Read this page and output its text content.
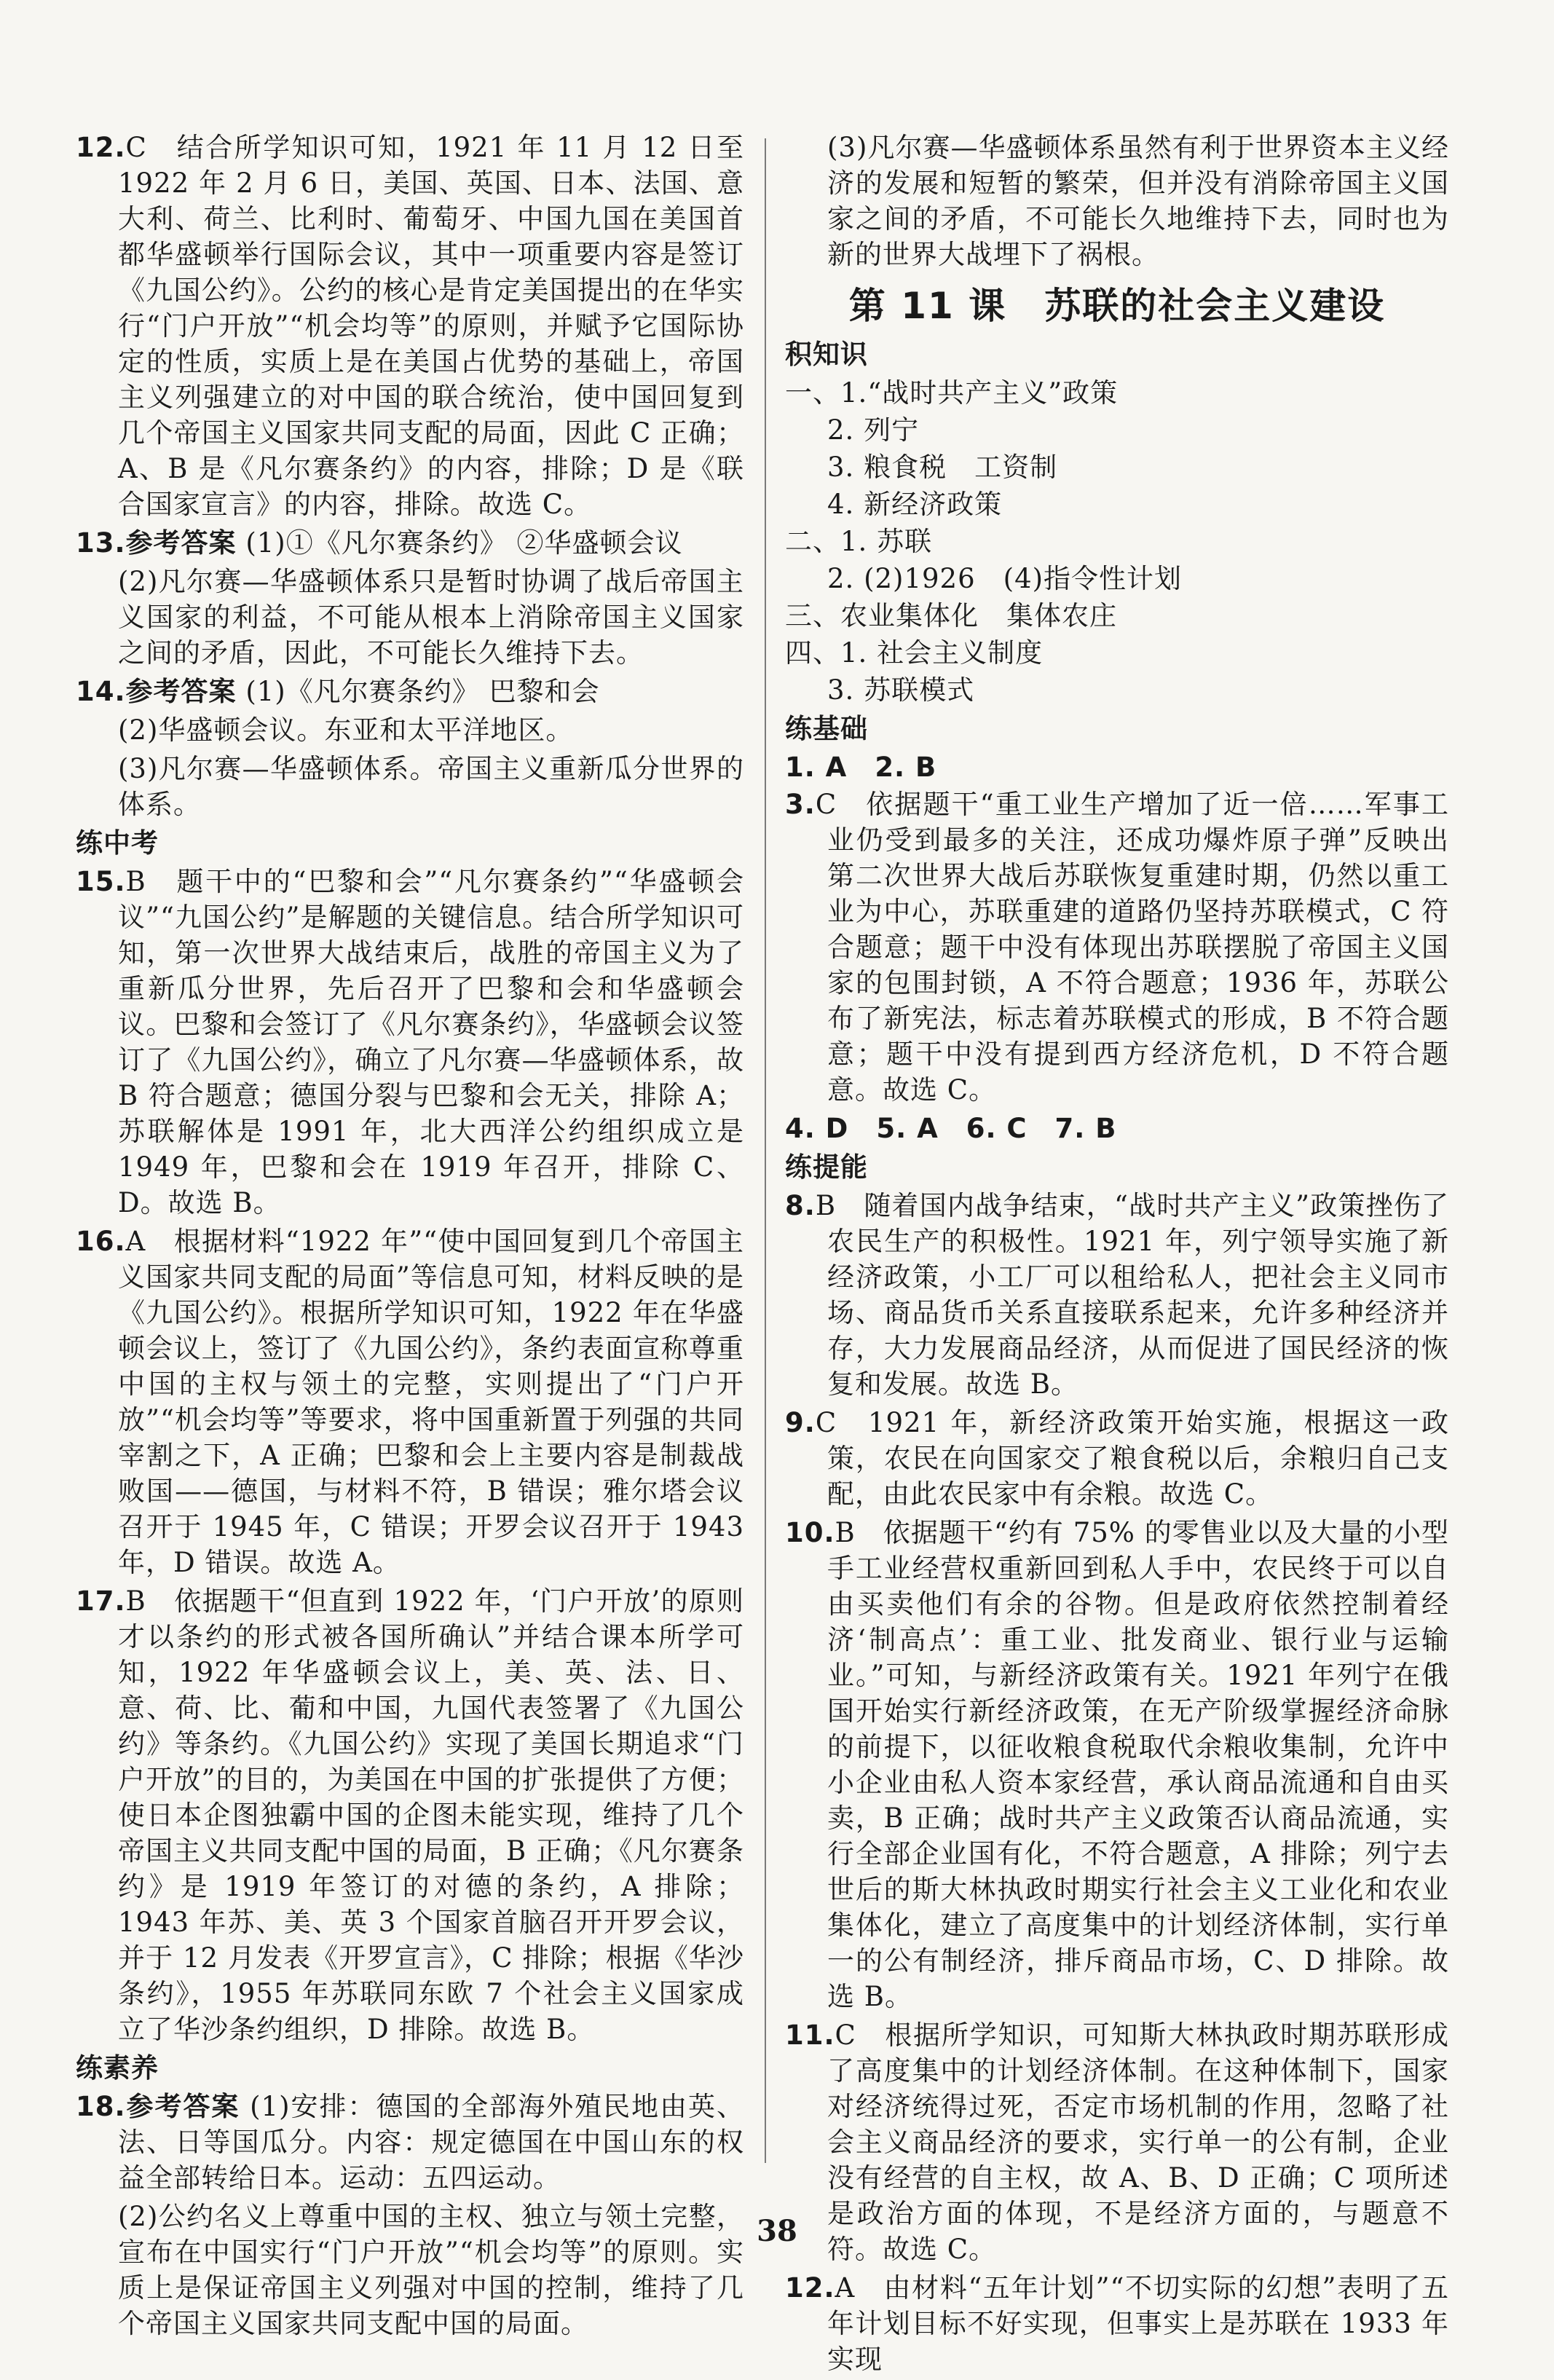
12.C　结合所学知识可知，1921 年 11 月 12 日至 1922 年 2 月 6 日，美国、英国、日本、法国、意大利、荷兰、比利时、葡萄牙、中国九国在美国首都华盛顿举行国际会议，其中一项重要内容是签订《九国公约》。公约的核心是肯定美国提出的在华实行“门户开放”“机会均等”的原则，并赋予它国际协定的性质，实质上是在美国占优势的基础上，帝国主义列强建立的对中国的联合统治，使中国回复到几个帝国主义国家共同支配的局面，因此 C 正确；A、B 是《凡尔赛条约》的内容，排除；D 是《联合国家宣言》的内容，排除。故选 C。

13.参考答案 (1)①《凡尔赛条约》 ②华盛顿会议

(2)凡尔赛—华盛顿体系只是暂时协调了战后帝国主义国家的利益，不可能从根本上消除帝国主义国家之间的矛盾，因此，不可能长久维持下去。

14.参考答案 (1)《凡尔赛条约》 巴黎和会

(2)华盛顿会议。东亚和太平洋地区。

(3)凡尔赛—华盛顿体系。帝国主义重新瓜分世界的体系。

练中考

15.B　题干中的“巴黎和会”“凡尔赛条约”“华盛顿会议”“九国公约”是解题的关键信息。结合所学知识可知，第一次世界大战结束后，战胜的帝国主义为了重新瓜分世界，先后召开了巴黎和会和华盛顿会议。巴黎和会签订了《凡尔赛条约》，华盛顿会议签订了《九国公约》，确立了凡尔赛—华盛顿体系，故 B 符合题意；德国分裂与巴黎和会无关，排除 A；苏联解体是 1991 年，北大西洋公约组织成立是 1949 年，巴黎和会在 1919 年召开，排除 C、D。故选 B。

16.A　根据材料“1922 年”“使中国回复到几个帝国主义国家共同支配的局面”等信息可知，材料反映的是《九国公约》。根据所学知识可知，1922 年在华盛顿会议上，签订了《九国公约》，条约表面宣称尊重中国的主权与领土的完整，实则提出了“门户开放”“机会均等”等要求，将中国重新置于列强的共同宰割之下，A 正确；巴黎和会上主要内容是制裁战败国——德国，与材料不符，B 错误；雅尔塔会议召开于 1945 年，C 错误；开罗会议召开于 1943 年，D 错误。故选 A。

17.B　依据题干“但直到 1922 年，‘门户开放’的原则才以条约的形式被各国所确认”并结合课本所学可知，1922 年华盛顿会议上，美、英、法、日、意、荷、比、葡和中国，九国代表签署了《九国公约》等条约。《九国公约》实现了美国长期追求“门户开放”的目的，为美国在中国的扩张提供了方便；使日本企图独霸中国的企图未能实现，维持了几个帝国主义共同支配中国的局面，B 正确；《凡尔赛条约》是 1919 年签订的对德的条约，A 排除；1943 年苏、美、英 3 个国家首脑召开开罗会议，并于 12 月发表《开罗宣言》，C 排除；根据《华沙条约》，1955 年苏联同东欧 7 个社会主义国家成立了华沙条约组织，D 排除。故选 B。

练素养

18.参考答案 (1)安排：德国的全部海外殖民地由英、法、日等国瓜分。内容：规定德国在中国山东的权益全部转给日本。运动：五四运动。

(2)公约名义上尊重中国的主权、独立与领土完整，宣布在中国实行“门户开放”“机会均等”的原则。实质上是保证帝国主义列强对中国的控制，维持了几个帝国主义国家共同支配中国的局面。

(3)凡尔赛—华盛顿体系虽然有利于世界资本主义经济的发展和短暂的繁荣，但并没有消除帝国主义国家之间的矛盾，不可能长久地维持下去，同时也为新的世界大战埋下了祸根。

第 11 课　苏联的社会主义建设

积知识

一、1.“战时共产主义”政策

2. 列宁

3. 粮食税　工资制

4. 新经济政策

二、1. 苏联

2. (2)1926　(4)指令性计划

三、农业集体化　集体农庄

四、1. 社会主义制度

3. 苏联模式

练基础

1. A　2. B

3.C　依据题干“重工业生产增加了近一倍……军事工业仍受到最多的关注，还成功爆炸原子弹”反映出第二次世界大战后苏联恢复重建时期，仍然以重工业为中心，苏联重建的道路仍坚持苏联模式，C 符合题意；题干中没有体现出苏联摆脱了帝国主义国家的包围封锁，A 不符合题意；1936 年，苏联公布了新宪法，标志着苏联模式的形成，B 不符合题意；题干中没有提到西方经济危机，D 不符合题意。故选 C。

4. D　5. A　6. C　7. B

练提能

8.B　随着国内战争结束，“战时共产主义”政策挫伤了农民生产的积极性。1921 年，列宁领导实施了新经济政策，小工厂可以租给私人，把社会主义同市场、商品货币关系直接联系起来，允许多种经济并存，大力发展商品经济，从而促进了国民经济的恢复和发展。故选 B。

9.C　1921 年，新经济政策开始实施，根据这一政策，农民在向国家交了粮食税以后，余粮归自己支配，由此农民家中有余粮。故选 C。

10.B　依据题干“约有 75% 的零售业以及大量的小型手工业经营权重新回到私人手中，农民终于可以自由买卖他们有余的谷物。但是政府依然控制着经济‘制高点’：重工业、批发商业、银行业与运输业。”可知，与新经济政策有关。1921 年列宁在俄国开始实行新经济政策，在无产阶级掌握经济命脉的前提下，以征收粮食税取代余粮收集制，允许中小企业由私人资本家经营，承认商品流通和自由买卖，B 正确；战时共产主义政策否认商品流通，实行全部企业国有化，不符合题意，A 排除；列宁去世后的斯大林执政时期实行社会主义工业化和农业集体化，建立了高度集中的计划经济体制，实行单一的公有制经济，排斥商品市场，C、D 排除。故选 B。

11.C　根据所学知识，可知斯大林执政时期苏联形成了高度集中的计划经济体制。在这种体制下，国家对经济统得过死，否定市场机制的作用，忽略了社会主义商品经济的要求，实行单一的公有制，企业没有经营的自主权，故 A、B、D 正确；C 项所述是政治方面的体现，不是经济方面的，与题意不符。故选 C。

12.A　由材料“五年计划”“不切实际的幻想”表明了五年计划目标不好实现，但事实上是苏联在 1933 年实现

38
